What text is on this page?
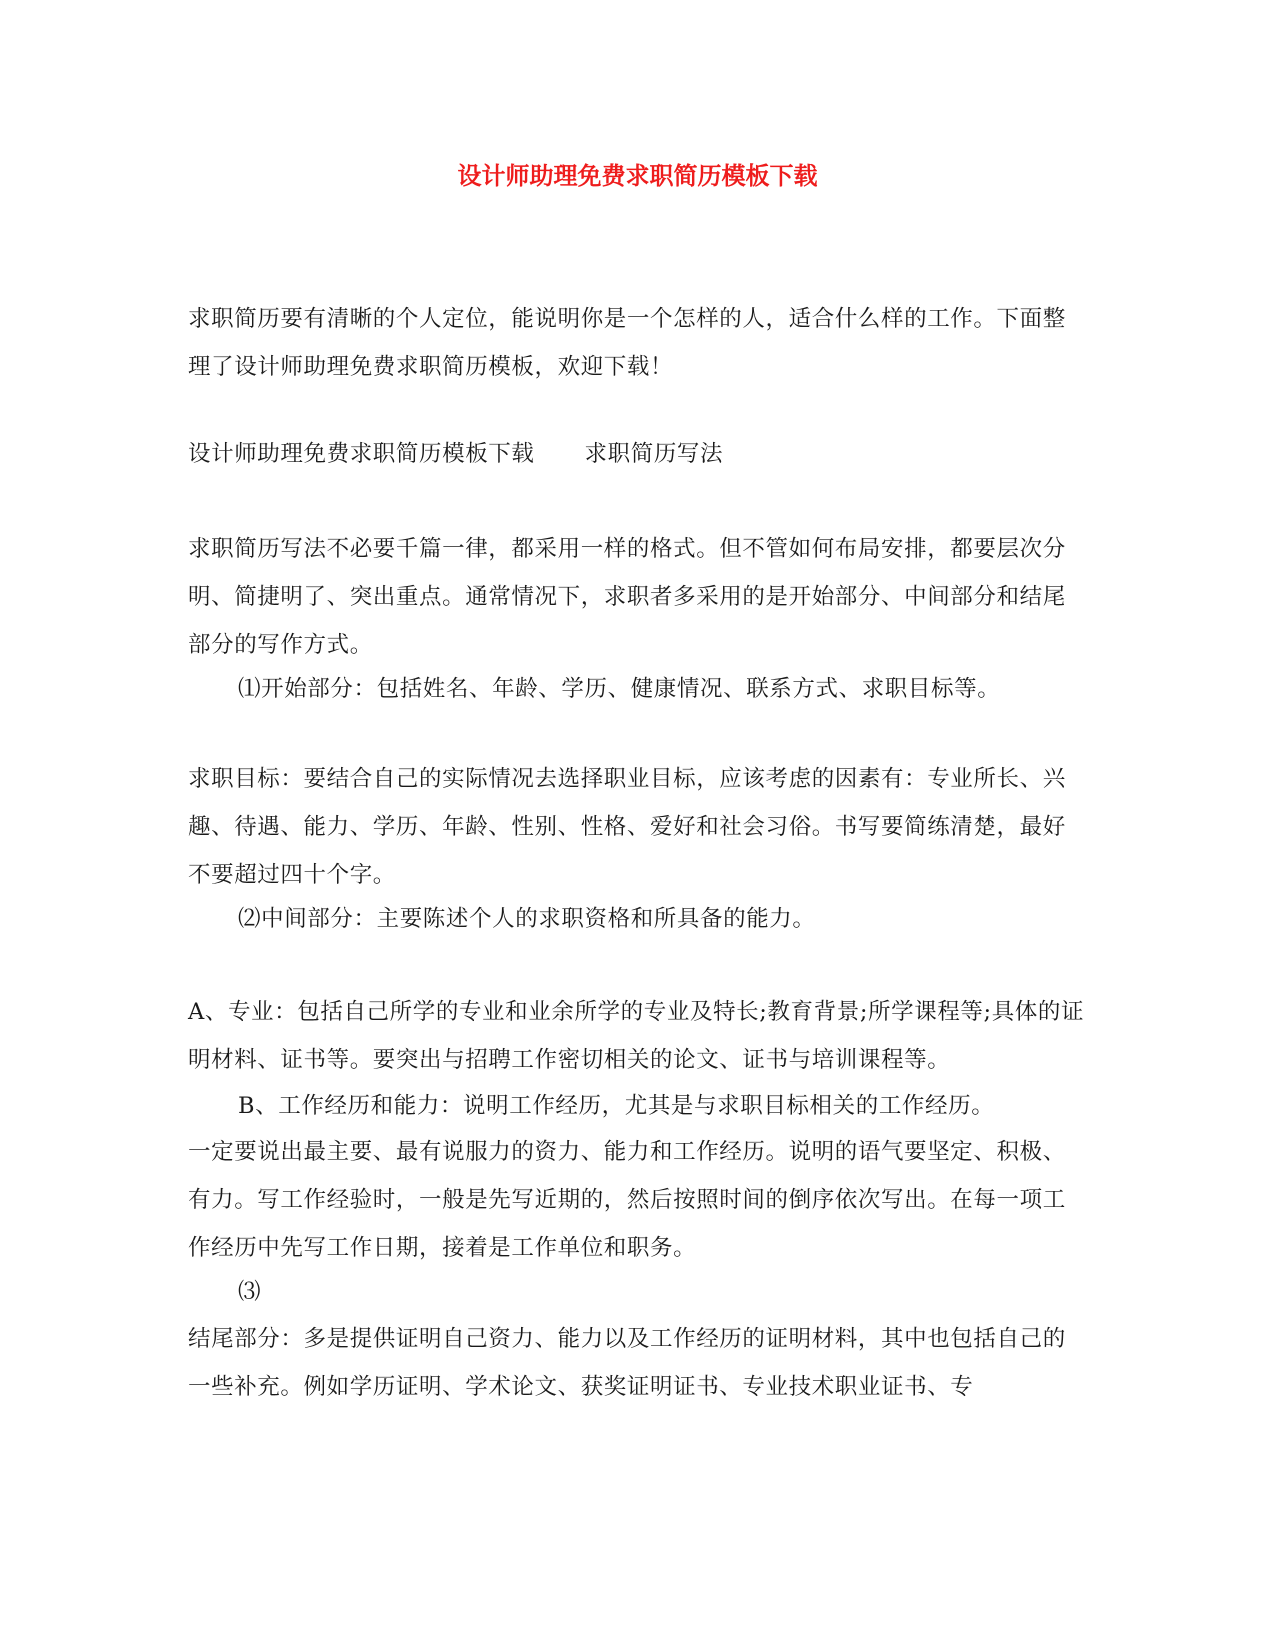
设计师助理免费求职简历模板下载

求职简历要有清晰的个人定位，能说明你是一个怎样的人，适合什么样的工作。下面整理了设计师助理免费求职简历模板，欢迎下载！

设计师助理免费求职简历模板下载 求职简历写法

求职简历写法不必要千篇一律，都采用一样的格式。但不管如何布局安排，都要层次分明、简捷明了、突出重点。通常情况下，求职者多采用的是开始部分、中间部分和结尾部分的写作方式。

⑴开始部分：包括姓名、年龄、学历、健康情况、联系方式、求职目标等。

求职目标：要结合自己的实际情况去选择职业目标，应该考虑的因素有：专业所长、兴趣、待遇、能力、学历、年龄、性别、性格、爱好和社会习俗。书写要简练清楚，最好不要超过四十个字。

⑵中间部分：主要陈述个人的求职资格和所具备的能力。

A、专业：包括自己所学的专业和业余所学的专业及特长;教育背景;所学课程等;具体的证明材料、证书等。要突出与招聘工作密切相关的论文、证书与培训课程等。

B、工作经历和能力：说明工作经历，尤其是与求职目标相关的工作经历。

一定要说出最主要、最有说服力的资力、能力和工作经历。说明的语气要坚定、积极、有力。写工作经验时，一般是先写近期的，然后按照时间的倒序依次写出。在每一项工作经历中先写工作日期，接着是工作单位和职务。

⑶

结尾部分：多是提供证明自己资力、能力以及工作经历的证明材料，其中也包括自己的一些补充。例如学历证明、学术论文、获奖证明证书、专业技术职业证书、专
